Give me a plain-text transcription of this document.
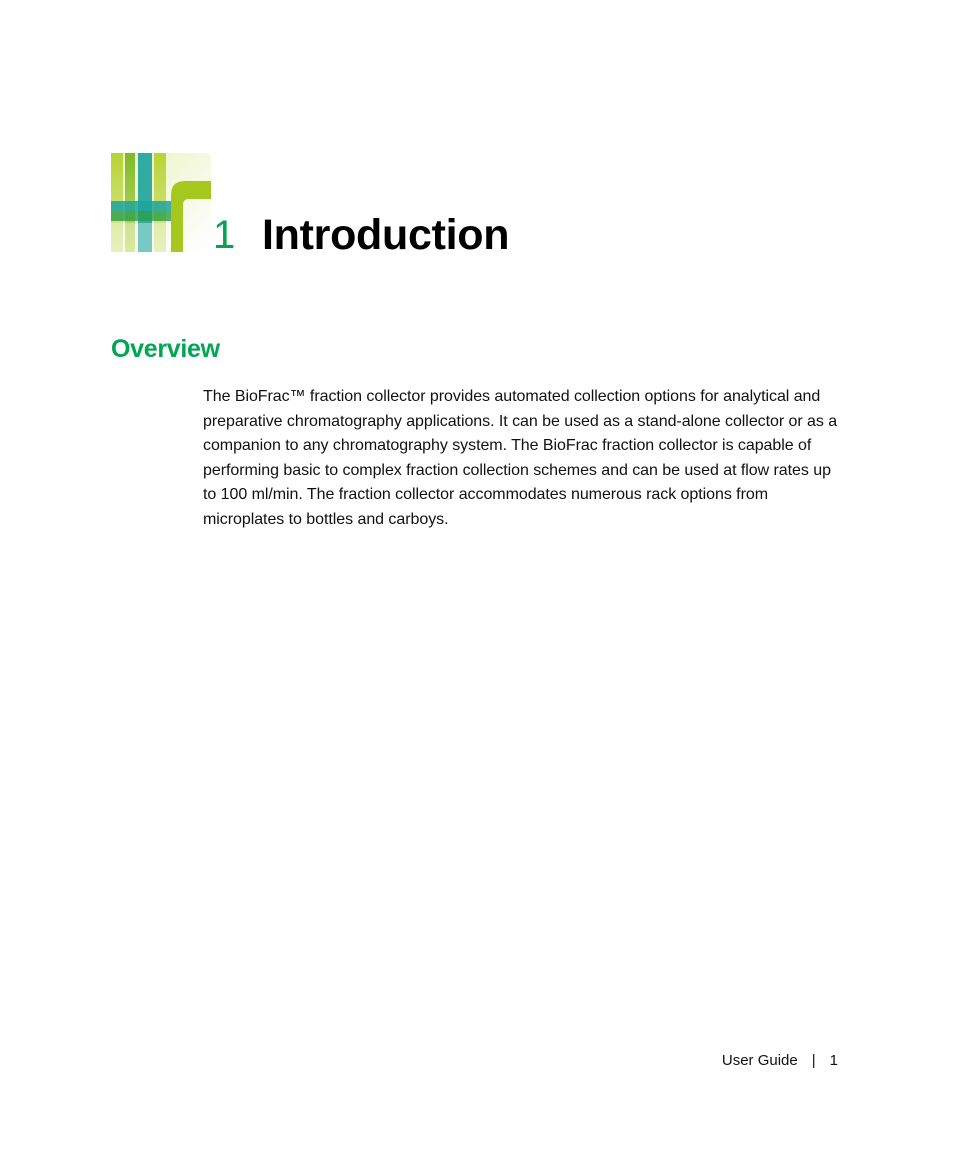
1 Introduction
Overview

The BioFrac™ fraction collector provides automated collection options for analytical and preparative chromatography applications. It can be used as a stand-alone collector or as a companion to any chromatography system. The BioFrac fraction collector is capable of performing basic to complex fraction collection schemes and can be used at flow rates up to 100 ml/min. The fraction collector accommodates numerous rack options from microplates to bottles and carboys.

User Guide | 1
